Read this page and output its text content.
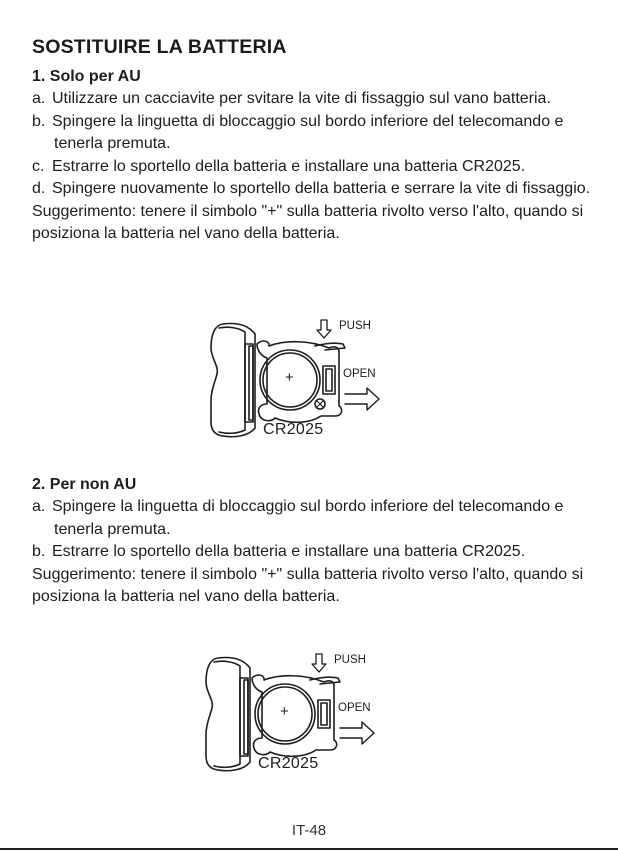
SOSTITUIRE LA BATTERIA
1. Solo per AU

a. Utilizzare un cacciavite per svitare la vite di fissaggio sul vano batteria.

b. Spingere la linguetta di bloccaggio sul bordo inferiore del telecomando e tenerla premuta.

c. Estrarre lo sportello della batteria e installare una batteria CR2025.

d. Spingere nuovamente lo sportello della batteria e serrare la vite di fissaggio.

Suggerimento: tenere il simbolo "+" sulla batteria rivolto verso l'alto, quando si posiziona la batteria nel vano della batteria.

PUSH
OPEN
+
CR2025
2. Per non AU

a. Spingere la linguetta di bloccaggio sul bordo inferiore del telecomando e tenerla premuta.

b. Estrarre lo sportello della batteria e installare una batteria CR2025.

Suggerimento: tenere il simbolo "+" sulla batteria rivolto verso l'alto, quando si posiziona la batteria nel vano della batteria.

PUSH
OPEN
+
CR2025
IT-48
